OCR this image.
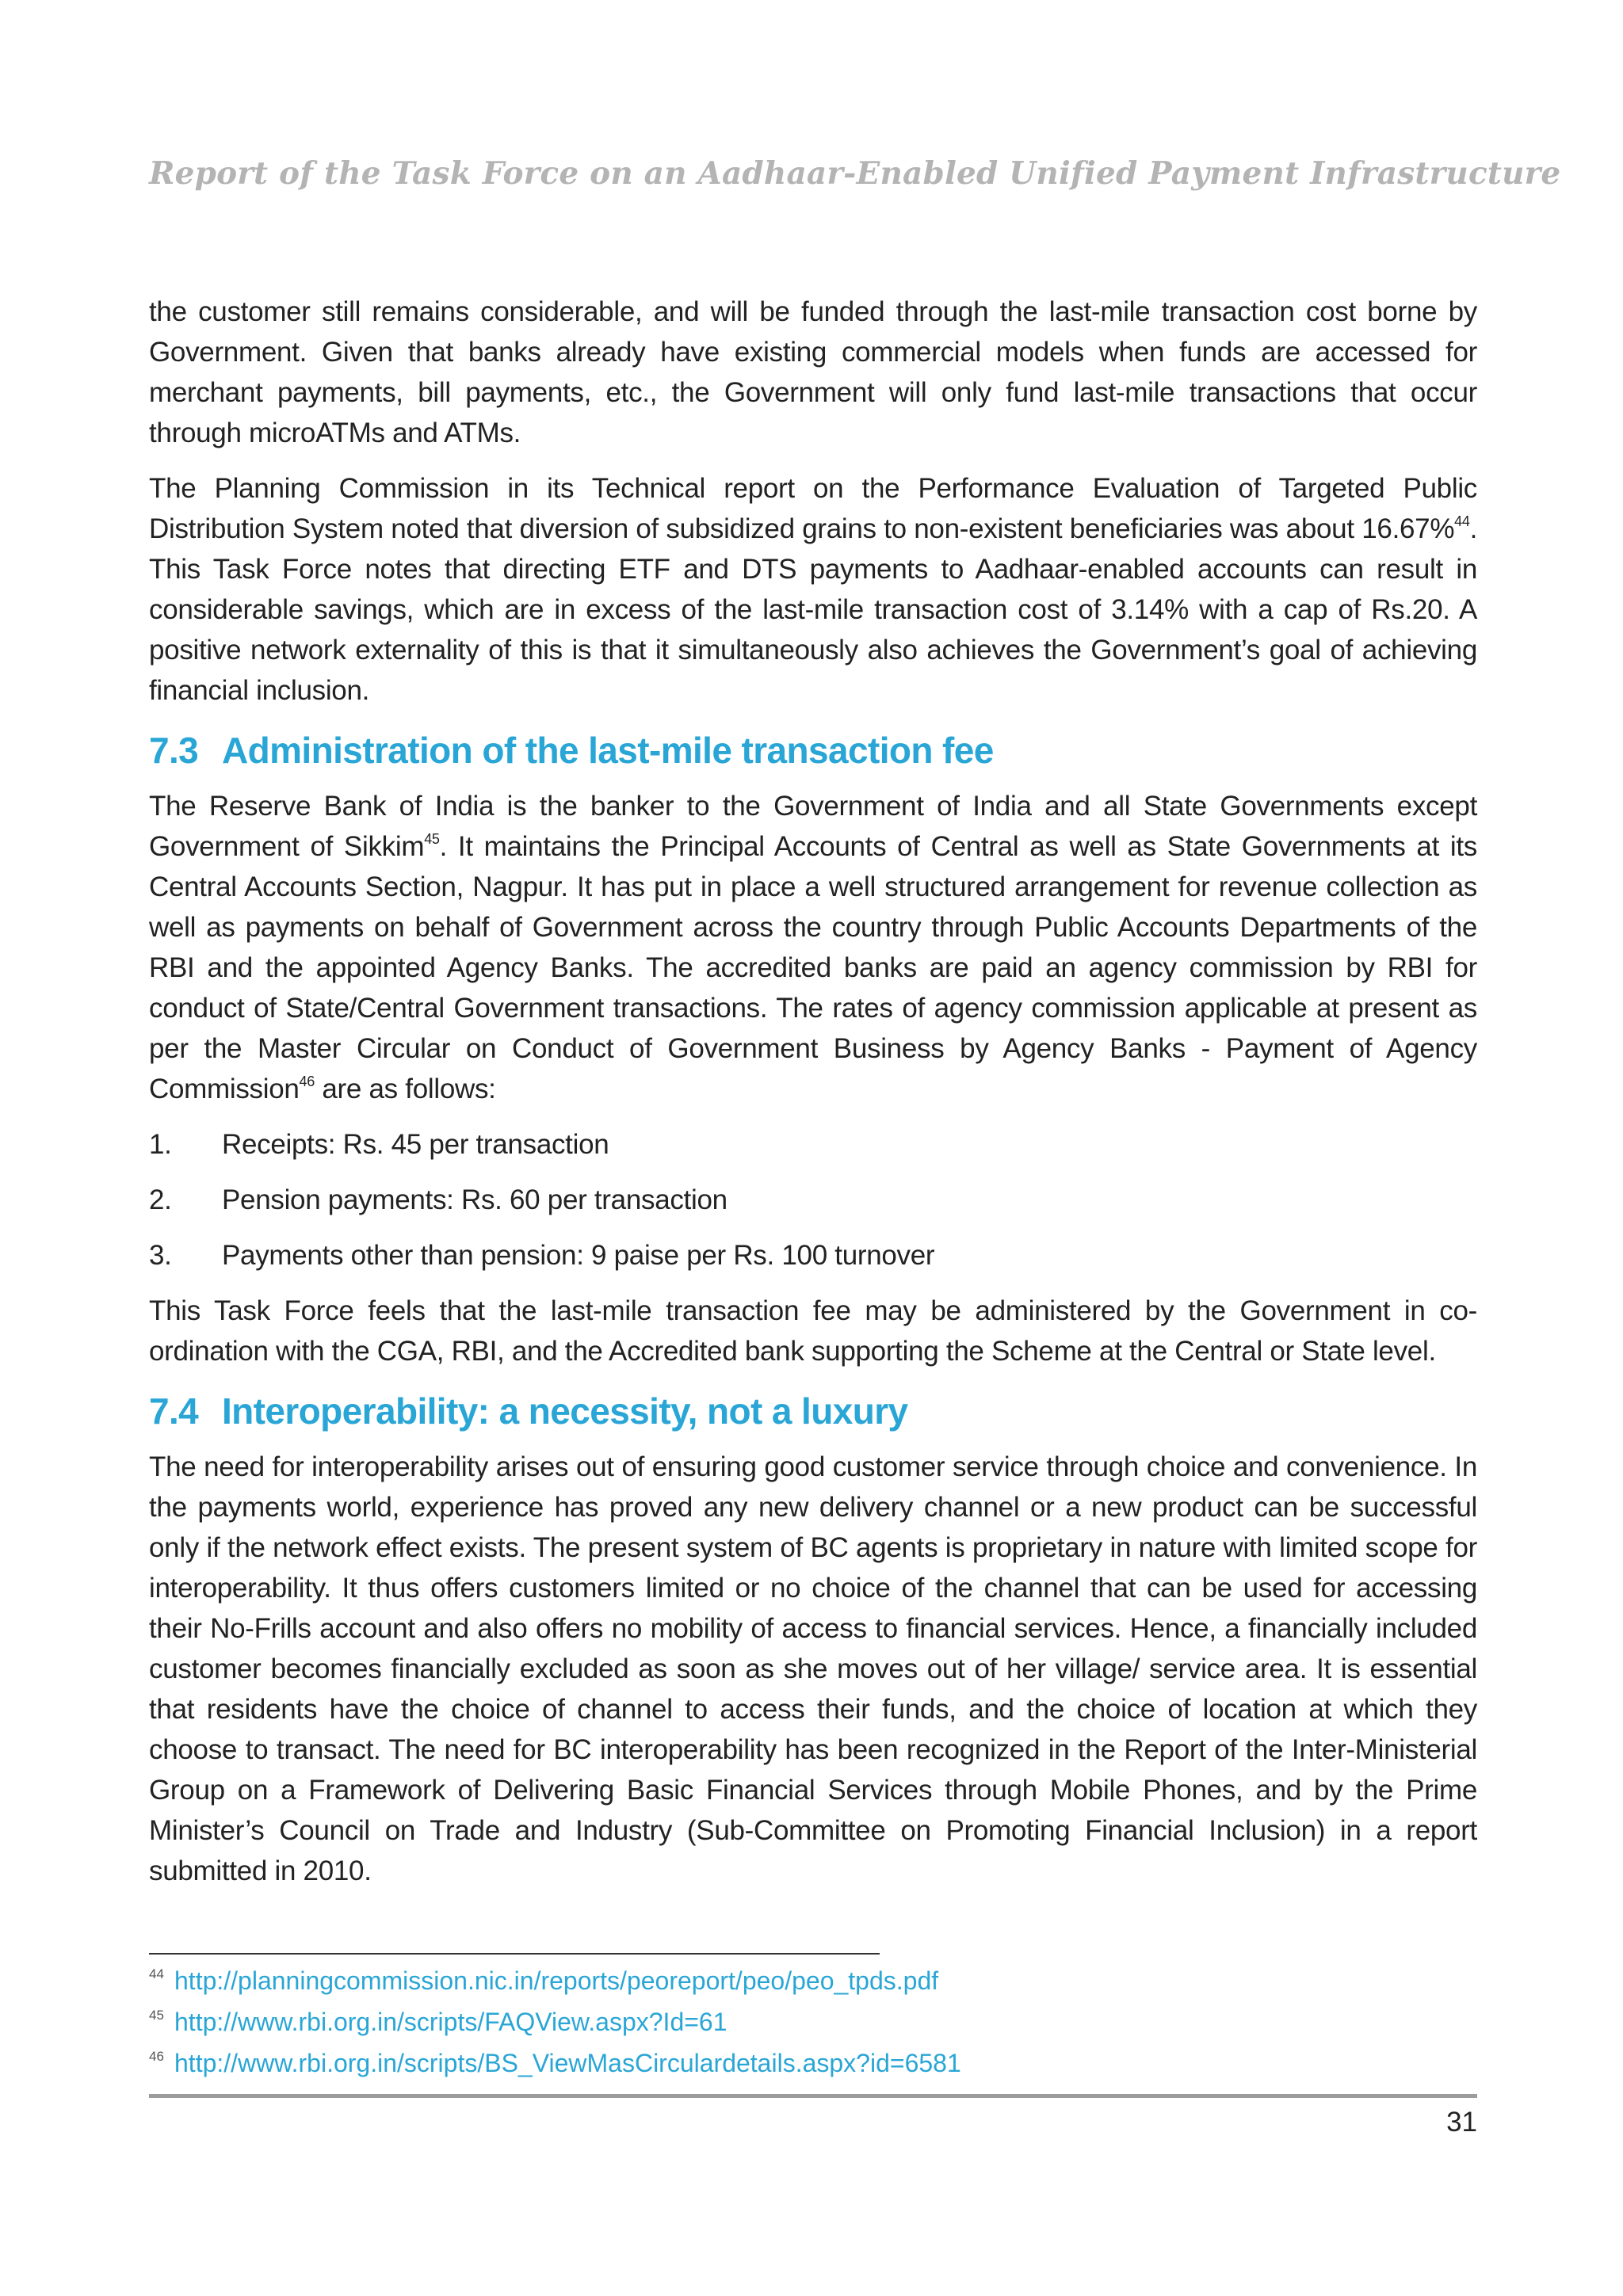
Report of the Task Force on an Aadhaar-Enabled Unified Payment Infrastructure

the customer still remains considerable, and will be funded through the last-mile transaction cost borne by Government. Given that banks already have existing commercial models when funds are accessed for merchant payments, bill payments, etc., the Government will only fund last-mile transactions that occur through microATMs and ATMs.

The Planning Commission in its Technical report on the Performance Evaluation of Targeted Public Distribution System noted that diversion of subsidized grains to non-existent beneficiaries was about 16.67%$^{44}$. This Task Force notes that directing ETF and DTS payments to Aadhaar-enabled accounts can result in considerable savings, which are in excess of the last-mile transaction cost of 3.14% with a cap of Rs.20. A positive network externality of this is that it simultaneously also achieves the Government’s goal of achieving financial inclusion.

7.3 Administration of the last-mile transaction fee

The Reserve Bank of India is the banker to the Government of India and all State Governments except Government of Sikkim$^{45}$. It maintains the Principal Accounts of Central as well as State Governments at its Central Accounts Section, Nagpur. It has put in place a well structured arrangement for revenue collection as well as payments on behalf of Government across the country through Public Accounts Departments of the RBI and the appointed Agency Banks. The accredited banks are paid an agency commission by RBI for conduct of State/Central Government transactions. The rates of agency commission applicable at present as per the Master Circular on Conduct of Government Business by Agency Banks - Payment of Agency Commission$^{46}$ are as follows:

1. Receipts: Rs. 45 per transaction
2. Pension payments: Rs. 60 per transaction
3. Payments other than pension: 9 paise per Rs. 100 turnover

This Task Force feels that the last-mile transaction fee may be administered by the Government in co-ordination with the CGA, RBI, and the Accredited bank supporting the Scheme at the Central or State level.

7.4 Interoperability: a necessity, not a luxury

The need for interoperability arises out of ensuring good customer service through choice and convenience. In the payments world, experience has proved any new delivery channel or a new product can be successful only if the network effect exists. The present system of BC agents is proprietary in nature with limited scope for interoperability. It thus offers customers limited or no choice of the channel that can be used for accessing their No-Frills account and also offers no mobility of access to financial services. Hence, a financially included customer becomes financially excluded as soon as she moves out of her village/ service area. It is essential that residents have the choice of channel to access their funds, and the choice of location at which they choose to transact. The need for BC interoperability has been recognized in the Report of the Inter-Ministerial Group on a Framework of Delivering Basic Financial Services through Mobile Phones, and by the Prime Minister’s Council on Trade and Industry (Sub-Committee on Promoting Financial Inclusion) in a report submitted in 2010.

44 http://planningcommission.nic.in/reports/peoreport/peo/peo_tpds.pdf
45 http://www.rbi.org.in/scripts/FAQView.aspx?Id=61
46 http://www.rbi.org.in/scripts/BS_ViewMasCirculardetails.aspx?id=6581
31
